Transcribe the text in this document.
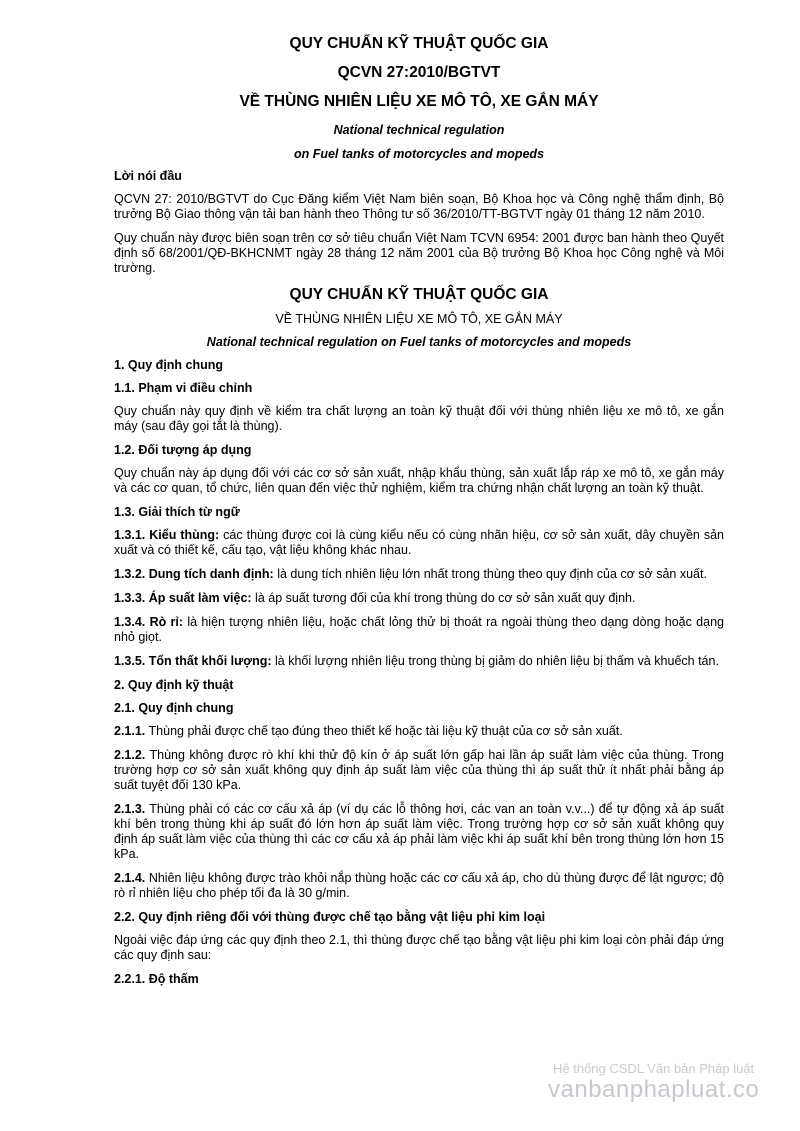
QUY CHUẨN KỸ THUẬT QUỐC GIA
QCVN 27:2010/BGTVT
VỀ THÙNG NHIÊN LIỆU XE MÔ TÔ, XE GẮN MÁY
National technical regulation
on Fuel tanks of motorcycles and mopeds
Lời nói đầu

QCVN 27: 2010/BGTVT do Cục Đăng kiểm Việt Nam biên soạn, Bộ Khoa học và Công nghệ thẩm định, Bộ trưởng Bộ Giao thông vận tải ban hành theo Thông tư số 36/2010/TT-BGTVT ngày 01 tháng 12 năm 2010.

Quy chuẩn này được biên soạn trên cơ sở tiêu chuẩn Việt Nam TCVN 6954: 2001 được ban hành theo Quyết định số 68/2001/QĐ-BKHCNMT ngày 28 tháng 12 năm 2001 của Bộ trưởng Bộ Khoa học Công nghệ và Môi trường.

QUY CHUẨN KỸ THUẬT QUỐC GIA
VỀ THÙNG NHIÊN LIỆU XE MÔ TÔ, XE GẮN MÁY
National technical regulation on Fuel tanks of motorcycles and mopeds
1. Quy định chung
1.1. Phạm vi điều chỉnh

Quy chuẩn này quy định về kiểm tra chất lượng an toàn kỹ thuật đối với thùng nhiên liệu xe mô tô, xe gắn máy (sau đây gọi tắt là thùng).

1.2. Đối tượng áp dụng

Quy chuẩn này áp dụng đối với các cơ sở sản xuất, nhập khẩu thùng, sản xuất lắp ráp xe mô tô, xe gắn máy và các cơ quan, tổ chức, liên quan đến việc thử nghiệm, kiểm tra chứng nhận chất lượng an toàn kỹ thuật.

1.3. Giải thích từ ngữ

1.3.1. Kiểu thùng: các thùng được coi là cùng kiểu nếu có cùng nhãn hiệu, cơ sở sản xuất, dây chuyền sản xuất và có thiết kế, cấu tạo, vật liệu không khác nhau.

1.3.2. Dung tích danh định: là dung tích nhiên liệu lớn nhất trong thùng theo quy định của cơ sở sản xuất.

1.3.3. Áp suất làm việc: là áp suất tương đối của khí trong thùng do cơ sở sản xuất quy định.

1.3.4. Rò rỉ: là hiện tượng nhiên liệu, hoặc chất lỏng thử bị thoát ra ngoài thùng theo dạng dòng hoặc dạng nhỏ giọt.

1.3.5. Tổn thất khối lượng: là khối lượng nhiên liệu trong thùng bị giảm do nhiên liệu bị thấm và khuếch tán.

2. Quy định kỹ thuật
2.1. Quy định chung

2.1.1. Thùng phải được chế tạo đúng theo thiết kế hoặc tài liệu kỹ thuật của cơ sở sản xuất.

2.1.2. Thùng không được rò khí khi thử độ kín ở áp suất lớn gấp hai lần áp suất làm việc của thùng. Trong trường hợp cơ sở sản xuất không quy định áp suất làm việc của thùng thì áp suất thử ít nhất phải bằng áp suất tuyệt đối 130 kPa.

2.1.3. Thùng phải có các cơ cấu xả áp (ví dụ các lỗ thông hơi, các van an toàn v.v...) để tự động xả áp suất khí bên trong thùng khi áp suất đó lớn hơn áp suất làm việc. Trong trường hợp cơ sở sản xuất không quy định áp suất làm việc của thùng thì các cơ cấu xả áp phải làm việc khi áp suất khí bên trong thùng lớn hơn 15 kPa.

2.1.4. Nhiên liệu không được trào khỏi nắp thùng hoặc các cơ cấu xả áp, cho dù thùng được để lật ngược; độ rò rỉ nhiên liệu cho phép tối đa là 30 g/min.

2.2. Quy định riêng đối với thùng được chế tạo bằng vật liệu phi kim loại

Ngoài việc đáp ứng các quy định theo 2.1, thì thùng được chế tạo bằng vật liệu phi kim loại còn phải đáp ứng các quy định sau:

2.2.1. Độ thấm
Hệ thống CSDL Văn bản Pháp luật
vanbanphapluat.co
